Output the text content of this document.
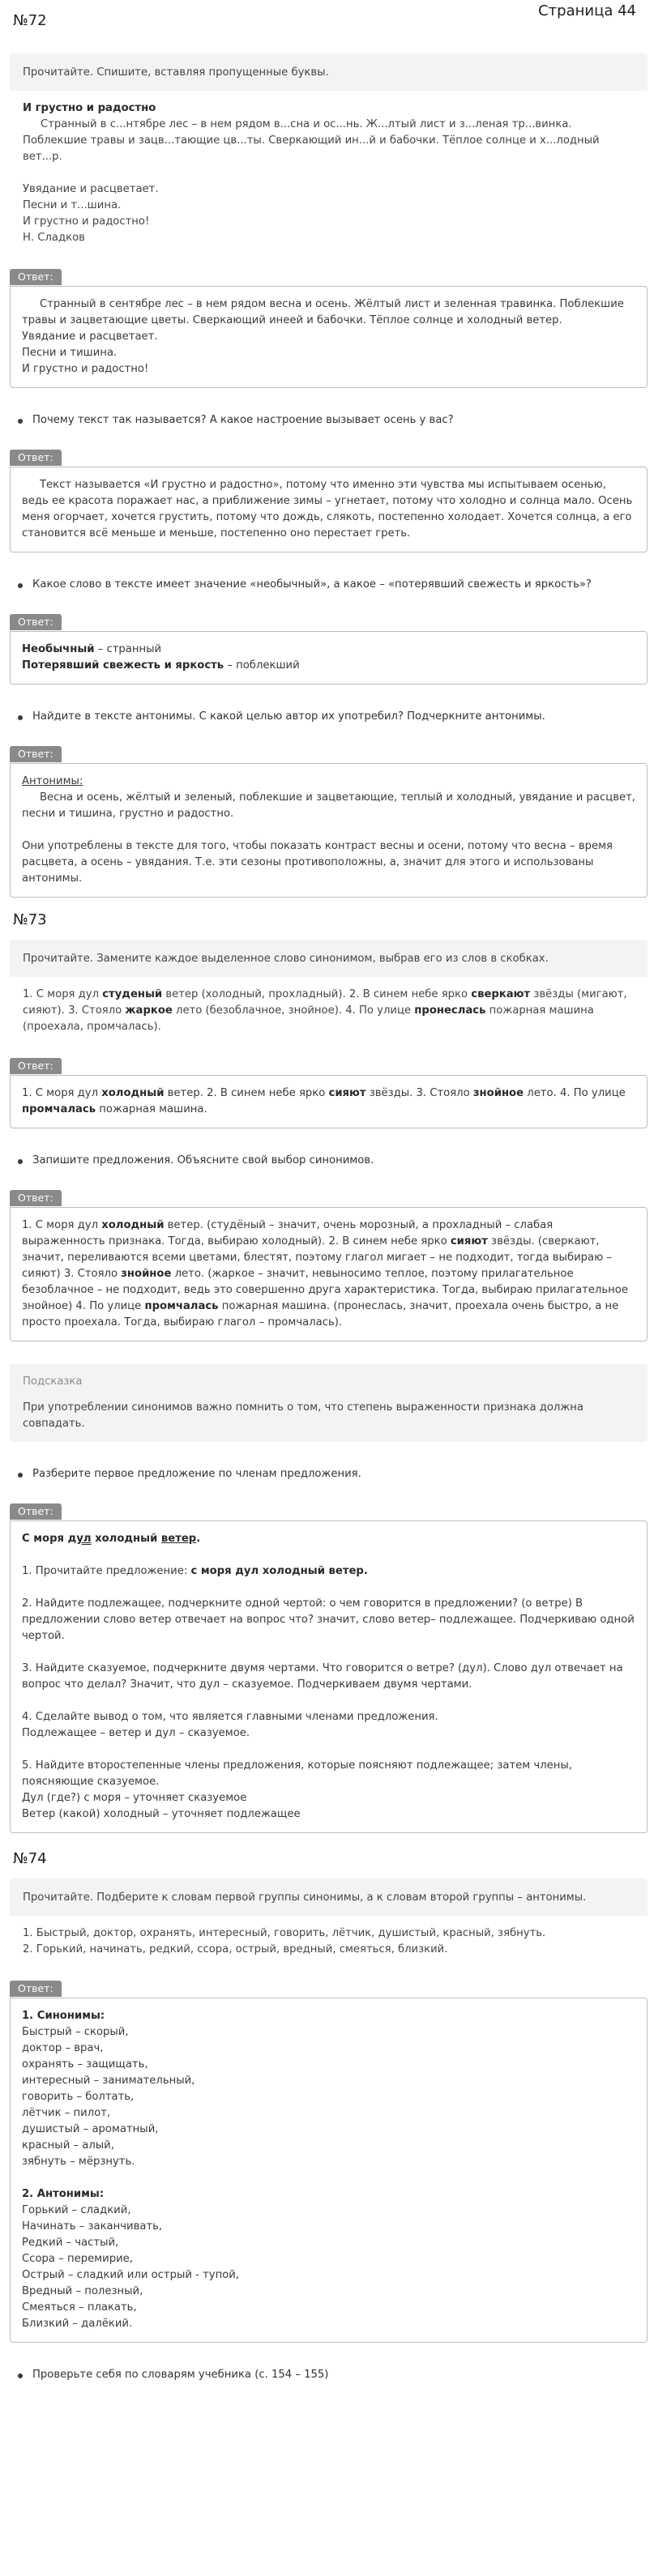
№72
Страница 44

Прочитайте. Спишите, вставляя пропущенные буквы.

И грустно и радостно

Странный в с...нтябре лес – в нем рядом в...сна и ос...нь. Ж...лтый лист и з...леная тр...винка. Поблекшие травы и зацв...тающие цв...ты. Сверкающий ин...й и бабочки. Тёплое солнце и х...лодный вет...р.

Увядание и расцветает.

Песни и т...шина.

И грустно и радостно!

Н. Сладков

Ответ:

Странный в сентябре лес – в нем рядом весна и осень. Жёлтый лист и зеленная травинка. Поблекшие травы и зацветающие цветы. Сверкающий инеей и бабочки. Тёплое солнце и холодный ветер.

Увядание и расцветает.

Песни и тишина.

И грустно и радостно!

Почему текст так называется? А какое настроение вызывает осень у вас?
Ответ:

Текст называется «И грустно и радостно», потому что именно эти чувства мы испытываем осенью, ведь ее красота поражает нас, а приближение зимы – угнетает, потому что холодно и солнца мало. Осень меня огорчает, хочется грустить, потому что дождь, слякоть, постепенно холодает. Хочется солнца, а его становится всё меньше и меньше, постепенно оно перестает греть.

Какое слово в тексте имеет значение «необычный», а какое – «потерявший свежесть и яркость»?
Ответ:

Необычный – странный

Потерявший свежесть и яркость – поблекший

Найдите в тексте антонимы. С какой целью автор их употребил? Подчеркните антонимы.
Ответ:

Антонимы:

Весна и осень, жёлтый и зеленый, поблекшие и зацветающие, теплый и холодный, увядание и расцвет, песни и тишина, грустно и радостно.

Они употреблены в тексте для того, чтобы показать контраст весны и осени, потому что весна – время расцвета, а осень – увядания. Т.е. эти сезоны противоположны, а, значит для этого и использованы антонимы.

№73

Прочитайте. Замените каждое выделенное слово синонимом, выбрав его из слов в скобках.

1. С моря дул студеный ветер (холодный, прохладный). 2. В синем небе ярко сверкают звёзды (мигают, сияют). 3. Стояло жаркое лето (безоблачное, знойное). 4. По улице пронеслась пожарная машина (проехала, промчалась).

Ответ:

1. С моря дул холодный ветер. 2. В синем небе ярко сияют звёзды. 3. Стояло знойное лето. 4. По улице промчалась пожарная машина.

Запишите предложения. Объясните свой выбор синонимов.
Ответ:

1. С моря дул холодный ветер. (студёный – значит, очень морозный, а прохладный – слабая выраженность признака. Тогда, выбираю холодный). 2. В синем небе ярко сияют звёзды. (сверкают, значит, переливаются всеми цветами, блестят, поэтому глагол мигает – не подходит, тогда выбираю – сияют) 3. Стояло знойное лето. (жаркое – значит, невыносимо теплое, поэтому прилагательное безоблачное – не подходит, ведь это совершенно друга характеристика. Тогда, выбираю прилагательное знойное) 4. По улице промчалась пожарная машина. (пронеслась, значит, проехала очень быстро, а не просто проехала. Тогда, выбираю глагол – промчалась).

Подсказка

При употреблении синонимов важно помнить о том, что степень выраженности признака должна совпадать.

Разберите первое предложение по членам предложения.
Ответ:

С моря дул холодный ветер.

1. Прочитайте предложение: с моря дул холодный ветер.

2. Найдите подлежащее, подчеркните одной чертой: о чем говорится в предложении? (о ветре) В предложении слово ветер отвечает на вопрос что? значит, слово ветер– подлежащее. Подчеркиваю одной чертой.

3. Найдите сказуемое, подчеркните двумя чертами. Что говорится о ветре? (дул). Слово дул отвечает на вопрос что делал? Значит, что дул – сказуемое. Подчеркиваем двумя чертами.

4. Сделайте вывод о том, что является главными членами предложения.

Подлежащее – ветер и дул – сказуемое.

5. Найдите второстепенные члены предложения, которые поясняют подлежащее; затем члены, поясняющие сказуемое.

Дул (где?) с моря – уточняет сказуемое

Ветер (какой) холодный – уточняет подлежащее

№74

Прочитайте. Подберите к словам первой группы синонимы, а к словам второй группы – антонимы.

1. Быстрый, доктор, охранять, интересный, говорить, лётчик, душистый, красный, зябнуть.

2. Горький, начинать, редкий, ссора, острый, вредный, смеяться, близкий.

Ответ:

1. Синонимы:

Быстрый – скорый,

доктор – врач,

охранять – защищать,

интересный – занимательный,

говорить – болтать,

лётчик – пилот,

душистый – ароматный,

красный – алый,

зябнуть – мёрзнуть.

2. Антонимы:

Горький – сладкий,

Начинать – заканчивать,

Редкий – частый,

Ссора – перемирие,

Острый – сладкий или острый - тупой,

Вредный – полезный,

Смеяться – плакать,

Близкий – далёкий.

Проверьте себя по словарям учебника (с. 154 – 155)
